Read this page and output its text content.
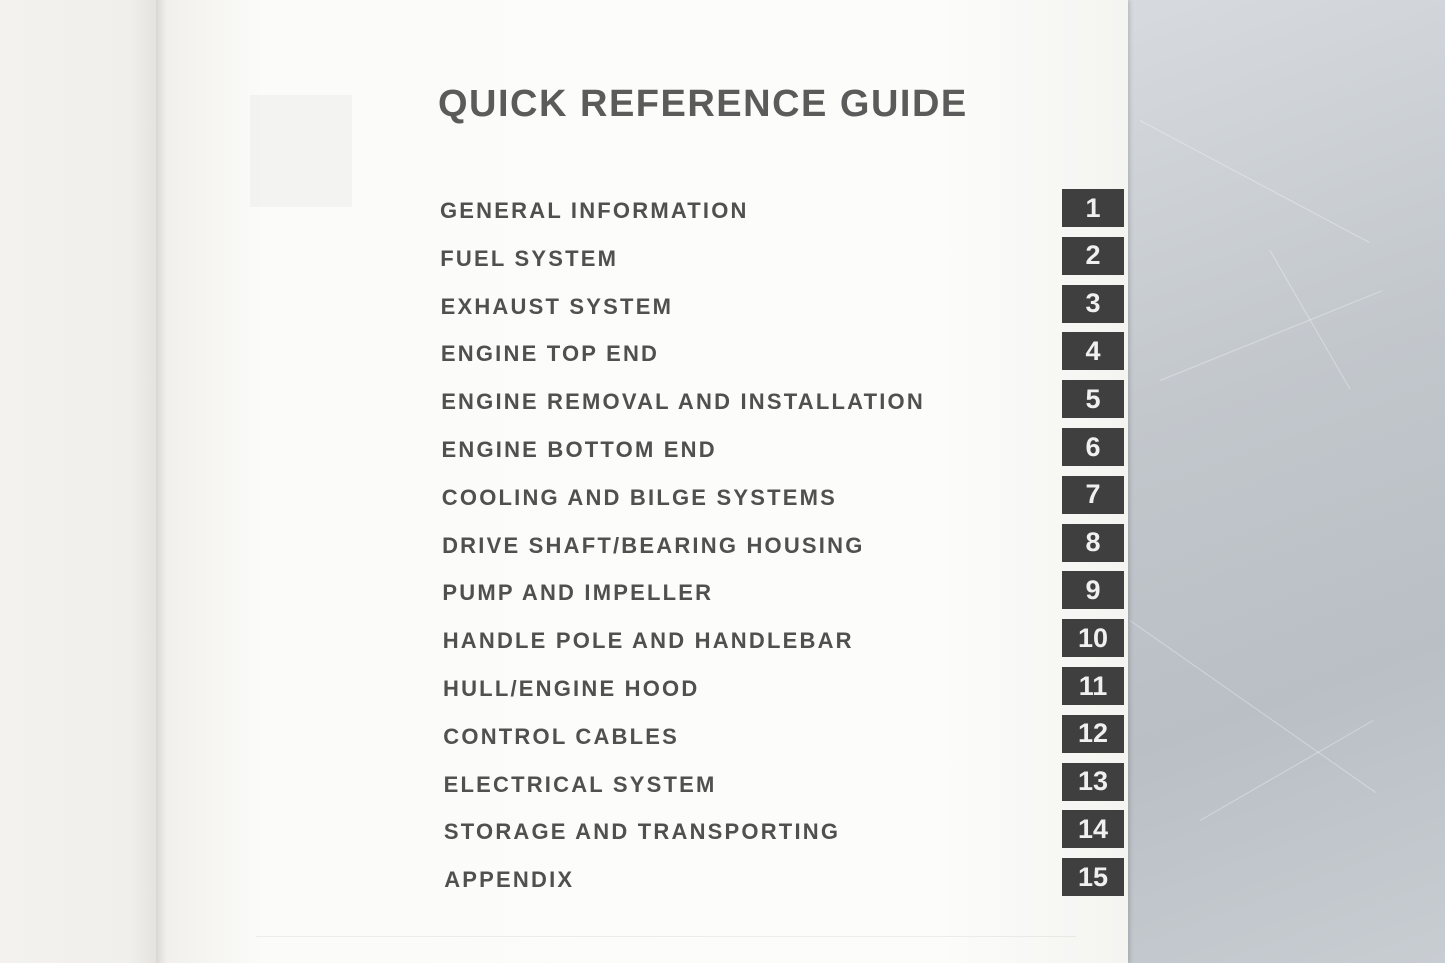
QUICK REFERENCE GUIDE
GENERAL INFORMATION	1
FUEL SYSTEM	2
EXHAUST SYSTEM	3
ENGINE TOP END	4
ENGINE REMOVAL AND INSTALLATION	5
ENGINE BOTTOM END	6
COOLING AND BILGE SYSTEMS	7
DRIVE SHAFT/BEARING HOUSING	8
PUMP AND IMPELLER	9
HANDLE POLE AND HANDLEBAR	10
HULL/ENGINE HOOD	11
CONTROL CABLES	12
ELECTRICAL SYSTEM	13
STORAGE AND TRANSPORTING	14
APPENDIX	15
